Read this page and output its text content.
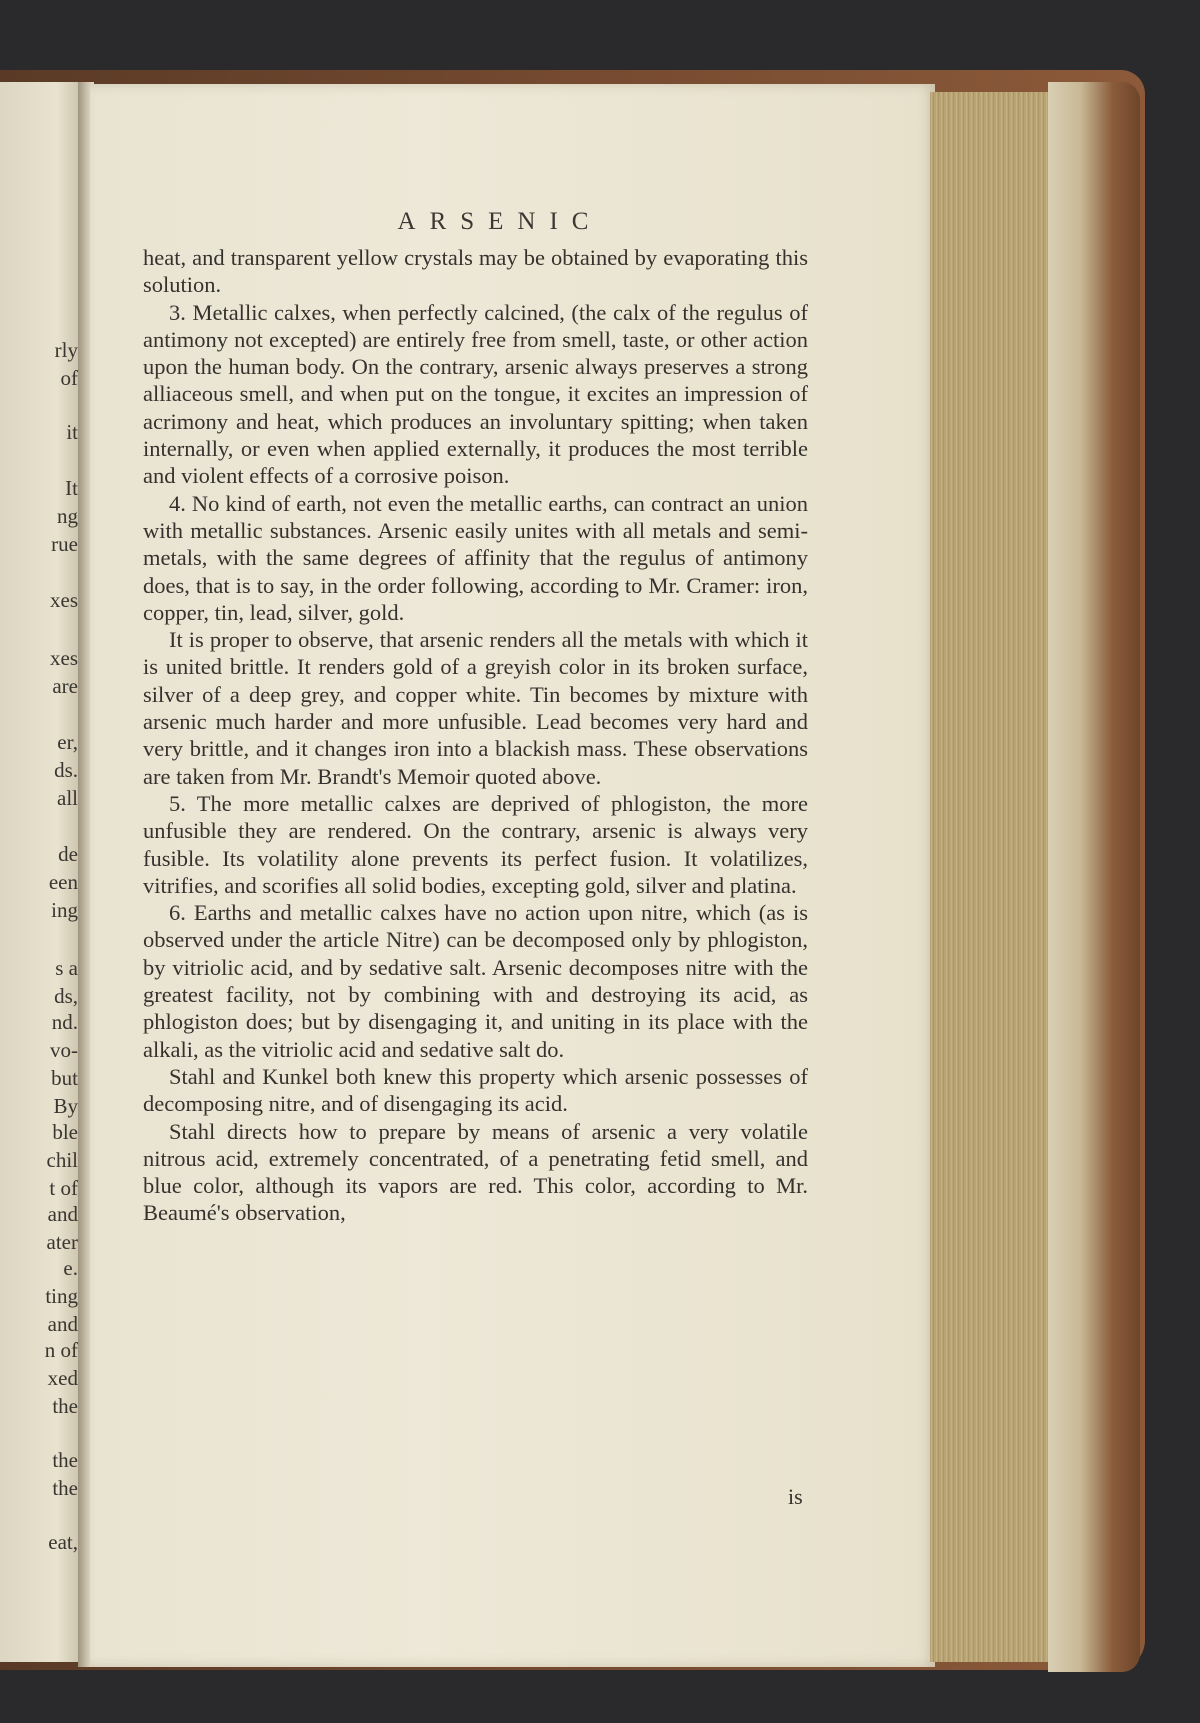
rly
of
it
It
ng
rue
xes
xes
are
er,
ds.
all
de
een
ing
s a
ds,
nd.
vo-
but
By
ble
chil
t of
and
ater
e.
ting
and
n of
xed
the
the
the
eat,
ARSENIC

heat, and transparent yellow crystals may be obtained by evaporating this solution.

3. Metallic calxes, when perfectly calcined, (the calx of the regulus of antimony not excepted) are entirely free from smell, taste, or other action upon the human body. On the contrary, arsenic always preserves a strong alliaceous smell, and when put on the tongue, it excites an impression of acrimony and heat, which produces an involuntary spitting; when taken internally, or even when applied externally, it produces the most terrible and violent effects of a corrosive poison.

4. No kind of earth, not even the metallic earths, can contract an union with metallic substances. Arsenic easily unites with all metals and semi-metals, with the same degrees of affinity that the regulus of antimony does, that is to say, in the order following, according to Mr. Cramer: iron, copper, tin, lead, silver, gold.

It is proper to observe, that arsenic renders all the metals with which it is united brittle. It renders gold of a greyish color in its broken surface, silver of a deep grey, and copper white. Tin becomes by mixture with arsenic much harder and more unfusible. Lead becomes very hard and very brittle, and it changes iron into a blackish mass. These observations are taken from Mr. Brandt's Memoir quoted above.

5. The more metallic calxes are deprived of phlogiston, the more unfusible they are rendered. On the contrary, arsenic is always very fusible. Its volatility alone prevents its perfect fusion. It volatilizes, vitrifies, and scorifies all solid bodies, excepting gold, silver and platina.

6. Earths and metallic calxes have no action upon nitre, which (as is observed under the article Nitre) can be decomposed only by phlogiston, by vitriolic acid, and by sedative salt. Arsenic decomposes nitre with the greatest facility, not by combining with and destroying its acid, as phlogiston does; but by disengaging it, and uniting in its place with the alkali, as the vitriolic acid and sedative salt do.

Stahl and Kunkel both knew this property which arsenic possesses of decomposing nitre, and of disengaging its acid.

Stahl directs how to prepare by means of arsenic a very volatile nitrous acid, extremely concentrated, of a penetrating fetid smell, and blue color, although its vapors are red. This color, according to Mr. Beaumé's observation,

is
